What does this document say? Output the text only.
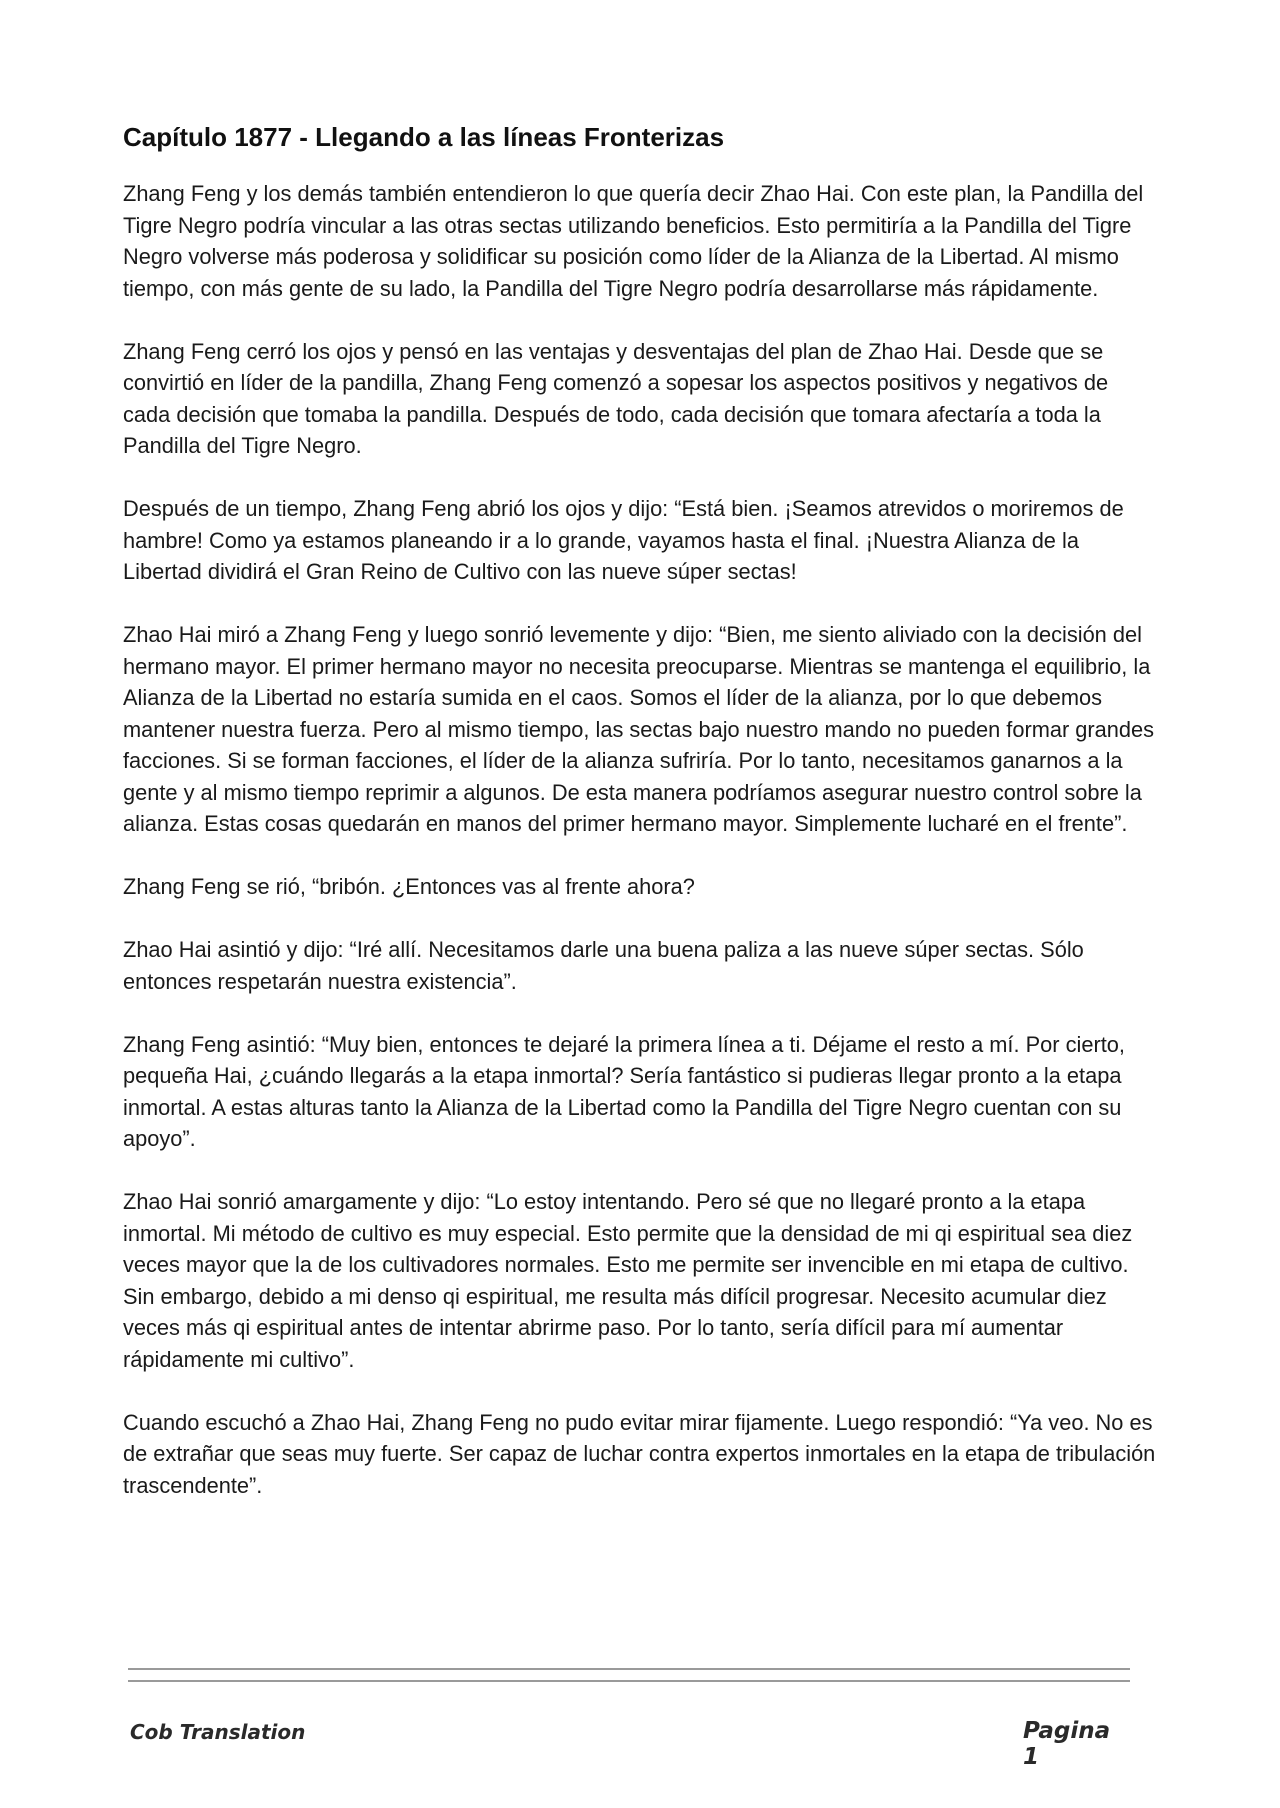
Capítulo 1877 - Llegando a las líneas Fronterizas

Zhang Feng y los demás también entendieron lo que quería decir Zhao Hai. Con este plan, la Pandilla del Tigre Negro podría vincular a las otras sectas utilizando beneficios. Esto permitiría a la Pandilla del Tigre Negro volverse más poderosa y solidificar su posición como líder de la Alianza de la Libertad. Al mismo tiempo, con más gente de su lado, la Pandilla del Tigre Negro podría desarrollarse más rápidamente.

Zhang Feng cerró los ojos y pensó en las ventajas y desventajas del plan de Zhao Hai. Desde que se convirtió en líder de la pandilla, Zhang Feng comenzó a sopesar los aspectos positivos y negativos de cada decisión que tomaba la pandilla. Después de todo, cada decisión que tomara afectaría a toda la Pandilla del Tigre Negro.

Después de un tiempo, Zhang Feng abrió los ojos y dijo: “Está bien. ¡Seamos atrevidos o moriremos de hambre! Como ya estamos planeando ir a lo grande, vayamos hasta el final. ¡Nuestra Alianza de la Libertad dividirá el Gran Reino de Cultivo con las nueve súper sectas!

Zhao Hai miró a Zhang Feng y luego sonrió levemente y dijo: “Bien, me siento aliviado con la decisión del hermano mayor. El primer hermano mayor no necesita preocuparse. Mientras se mantenga el equilibrio, la Alianza de la Libertad no estaría sumida en el caos. Somos el líder de la alianza, por lo que debemos mantener nuestra fuerza. Pero al mismo tiempo, las sectas bajo nuestro mando no pueden formar grandes facciones. Si se forman facciones, el líder de la alianza sufriría. Por lo tanto, necesitamos ganarnos a la gente y al mismo tiempo reprimir a algunos. De esta manera podríamos asegurar nuestro control sobre la alianza. Estas cosas quedarán en manos del primer hermano mayor. Simplemente lucharé en el frente”.

Zhang Feng se rió, “bribón. ¿Entonces vas al frente ahora?

Zhao Hai asintió y dijo: “Iré allí. Necesitamos darle una buena paliza a las nueve súper sectas. Sólo entonces respetarán nuestra existencia”.

Zhang Feng asintió: “Muy bien, entonces te dejaré la primera línea a ti. Déjame el resto a mí. Por cierto, pequeña Hai, ¿cuándo llegarás a la etapa inmortal? Sería fantástico si pudieras llegar pronto a la etapa inmortal. A estas alturas tanto la Alianza de la Libertad como la Pandilla del Tigre Negro cuentan con su apoyo”.

Zhao Hai sonrió amargamente y dijo: “Lo estoy intentando. Pero sé que no llegaré pronto a la etapa inmortal. Mi método de cultivo es muy especial. Esto permite que la densidad de mi qi espiritual sea diez veces mayor que la de los cultivadores normales. Esto me permite ser invencible en mi etapa de cultivo. Sin embargo, debido a mi denso qi espiritual, me resulta más difícil progresar. Necesito acumular diez veces más qi espiritual antes de intentar abrirme paso. Por lo tanto, sería difícil para mí aumentar rápidamente mi cultivo”.

Cuando escuchó a Zhao Hai, Zhang Feng no pudo evitar mirar fijamente. Luego respondió: “Ya veo. No es de extrañar que seas muy fuerte. Ser capaz de luchar contra expertos inmortales en la etapa de tribulación trascendente”.

Cob Translation	Pagina 1
